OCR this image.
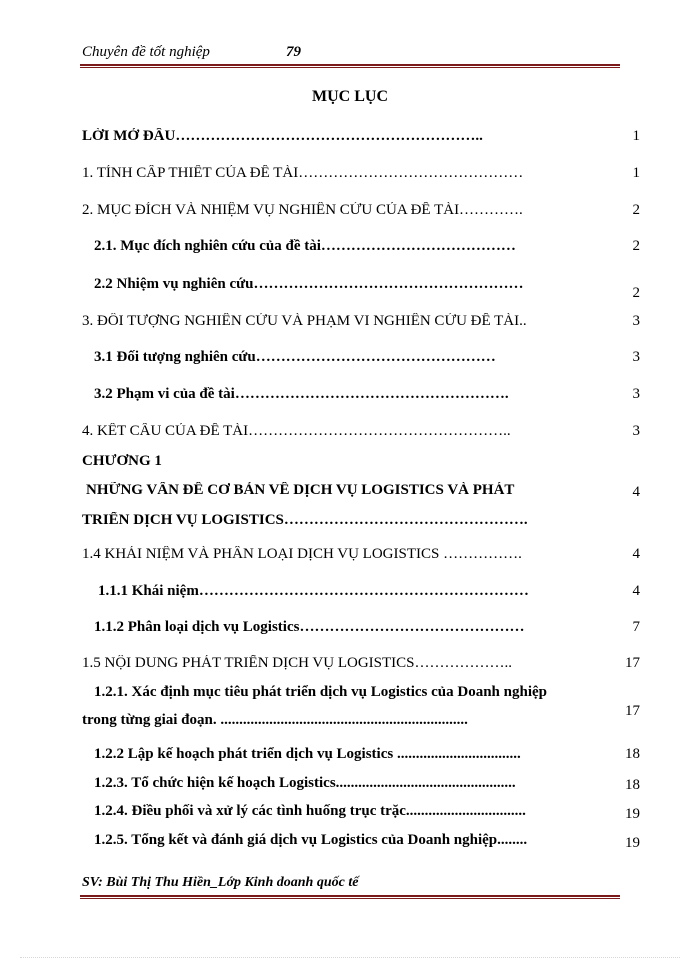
Chuyên đề tốt nghiệp	79
MỤC LỤC
LỜI MỞ ĐẦU……………………………………………………..	1
1. TÍNH CẤP THIẾT CỦA ĐỀ TÀI………………………………………	1
2. MỤC ĐÍCH VÀ NHIỆM VỤ NGHIÊN CỨU CỦA ĐỀ TÀI………….	2
2.1. Mục đích nghiên cứu của đề tài…………………………………	2
2.2 Nhiệm vụ nghiên cứu………………………………………………
2
3. ĐỐI TƯỢNG NGHIÊN CỨU VÀ PHẠM VI NGHIÊN CỨU ĐỀ TÀI..	3
3.1 Đối tượng nghiên cứu…………………………………………	3
3.2 Phạm vi của đề tài……………………………………………….	3
4. KẾT CẤU CỦA ĐỀ TÀI……………………………………………..	3
CHƯƠNG 1
NHỮNG VẤN ĐỀ CƠ BẢN VỀ DỊCH VỤ LOGISTICS VÀ PHÁT	4
TRIỂN DỊCH VỤ LOGISTICS………………………………………….
1.4 KHÁI NIỆM VÀ PHÂN LOẠI DỊCH VỤ LOGISTICS …………….	4
1.1.1 Khái niệm…………………………………………………………	4
1.1.2 Phân loại dịch vụ Logistics………………………………………	7
1.5 NỘI DUNG PHÁT TRIỂN DỊCH VỤ LOGISTICS………………..	17
1.2.1. Xác định mục tiêu phát triển dịch vụ Logistics của Doanh nghiệp
trong từng giai đoạn. ..................................................................
17
1.2.2 Lập kế hoạch phát triển dịch vụ Logistics .................................	18
1.2.3. Tổ chức hiện kế hoạch Logistics................................................	18
1.2.4. Điều phối và xử lý các tình huống trục trặc................................	19
1.2.5. Tổng kết và đánh giá dịch vụ Logistics của Doanh nghiệp........	19
SV: Bùi Thị Thu Hiền_Lớp Kinh doanh quốc tế
